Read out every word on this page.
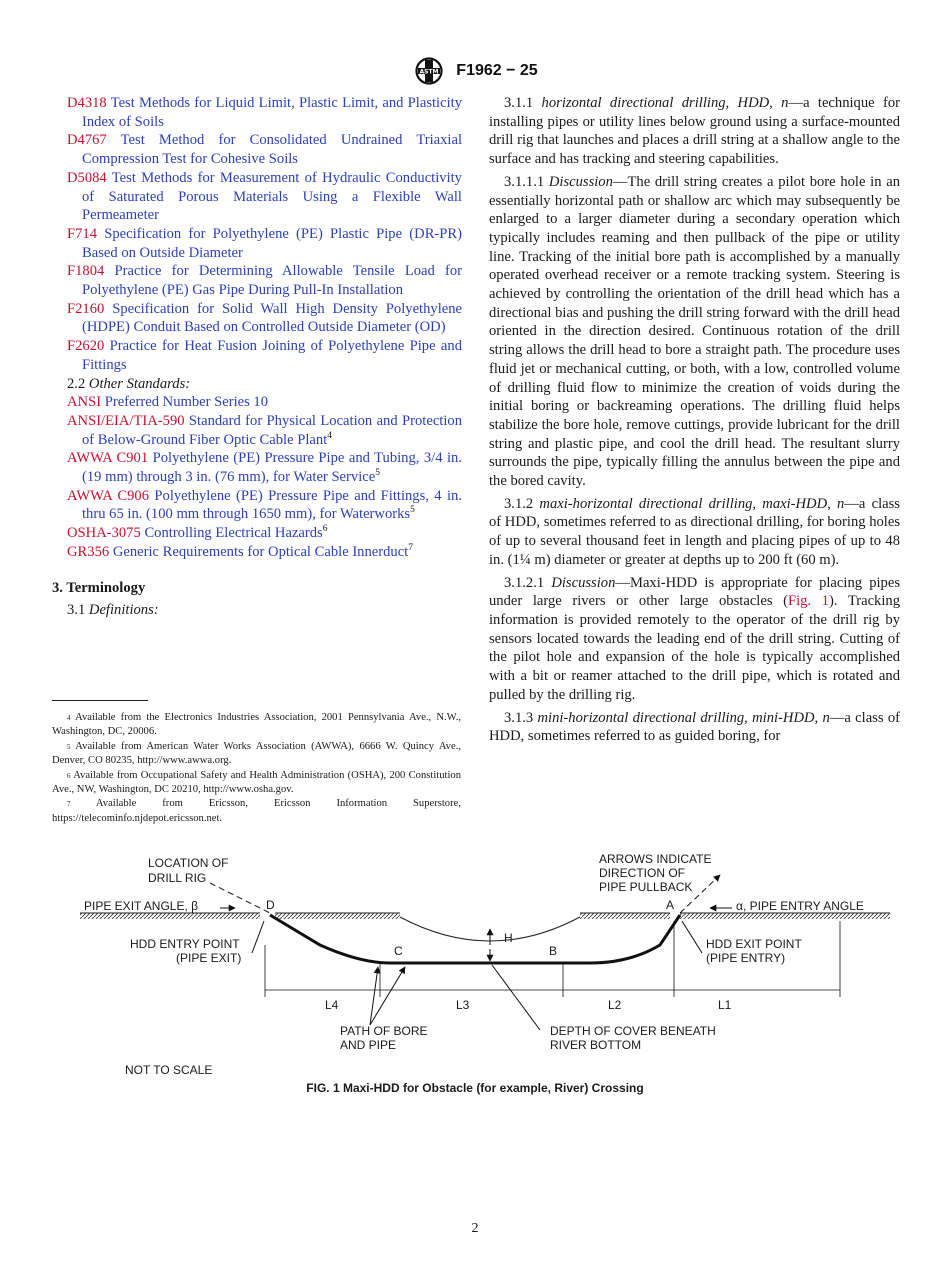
ASTM F1962 − 25

D4318 Test Methods for Liquid Limit, Plastic Limit, and Plasticity Index of Soils

D4767 Test Method for Consolidated Undrained Triaxial Compression Test for Cohesive Soils

D5084 Test Methods for Measurement of Hydraulic Conductivity of Saturated Porous Materials Using a Flexible Wall Permeameter

F714 Specification for Polyethylene (PE) Plastic Pipe (DR-PR) Based on Outside Diameter

F1804 Practice for Determining Allowable Tensile Load for Polyethylene (PE) Gas Pipe During Pull-In Installation

F2160 Specification for Solid Wall High Density Polyethylene (HDPE) Conduit Based on Controlled Outside Diameter (OD)

F2620 Practice for Heat Fusion Joining of Polyethylene Pipe and Fittings

2.2 Other Standards:

ANSI Preferred Number Series 10

ANSI/EIA/TIA-590 Standard for Physical Location and Protection of Below-Ground Fiber Optic Cable Plant$^4$

AWWA C901 Polyethylene (PE) Pressure Pipe and Tubing, 3/4 in. (19 mm) through 3 in. (76 mm), for Water Service$^5$

AWWA C906 Polyethylene (PE) Pressure Pipe and Fittings, 4 in. thru 65 in. (100 mm through 1650 mm), for Waterworks$^5$

OSHA-3075 Controlling Electrical Hazards$^6$

GR356 Generic Requirements for Optical Cable Innerduct$^7$

3. Terminology

3.1 Definitions:

$^4$ Available from the Electronics Industries Association, 2001 Pennsylvania Ave., N.W., Washington, DC, 20006.

$^5$ Available from American Water Works Association (AWWA), 6666 W. Quincy Ave., Denver, CO 80235, http://www.awwa.org.

$^6$ Available from Occupational Safety and Health Administration (OSHA), 200 Constitution Ave., NW, Washington, DC 20210, http://www.osha.gov.

$^7$ Available from Ericsson, Ericsson Information Superstore, https://telecominfo.njdepot.ericsson.net.

3.1.1 horizontal directional drilling, HDD, n—a technique for installing pipes or utility lines below ground using a surface-mounted drill rig that launches and places a drill string at a shallow angle to the surface and has tracking and steering capabilities.

3.1.1.1 Discussion—The drill string creates a pilot bore hole in an essentially horizontal path or shallow arc which may subsequently be enlarged to a larger diameter during a secondary operation which typically includes reaming and then pullback of the pipe or utility line. Tracking of the initial bore path is accomplished by a manually operated overhead receiver or a remote tracking system. Steering is achieved by controlling the orientation of the drill head which has a directional bias and pushing the drill string forward with the drill head oriented in the direction desired. Continuous rotation of the drill string allows the drill head to bore a straight path. The procedure uses fluid jet or mechanical cutting, or both, with a low, controlled volume of drilling fluid flow to minimize the creation of voids during the initial boring or backreaming operations. The drilling fluid helps stabilize the bore hole, remove cuttings, provide lubricant for the drill string and plastic pipe, and cool the drill head. The resultant slurry surrounds the pipe, typically filling the annulus between the pipe and the bored cavity.

3.1.2 maxi-horizontal directional drilling, maxi-HDD, n—a class of HDD, sometimes referred to as directional drilling, for boring holes of up to several thousand feet in length and placing pipes of up to 48 in. (1¼ m) diameter or greater at depths up to 200 ft (60 m).

3.1.2.1 Discussion—Maxi-HDD is appropriate for placing pipes under large rivers or other large obstacles (Fig. 1). Tracking information is provided remotely to the operator of the drill rig by sensors located towards the leading end of the drill string. Cutting of the pilot hole and expansion of the hole is typically accomplished with a bit or reamer attached to the drill pipe, which is rotated and pulled by the drilling rig.

3.1.3 mini-horizontal directional drilling, mini-HDD, n—a class of HDD, sometimes referred to as guided boring, for

LOCATION OF
DRILL RIG
ARROWS INDICATE
DIRECTION OF
PIPE PULLBACK
PIPE EXIT ANGLE, β	α, PIPE ENTRY ANGLE
D	A
C	B
H
HDD ENTRY POINT
(PIPE EXIT)
HDD EXIT POINT
(PIPE ENTRY)
L4	L3	L2	L1
PATH OF BORE
AND PIPE
DEPTH OF COVER BENEATH
RIVER BOTTOM
NOT TO SCALE
FIG. 1 Maxi-HDD for Obstacle (for example, River) Crossing
2
